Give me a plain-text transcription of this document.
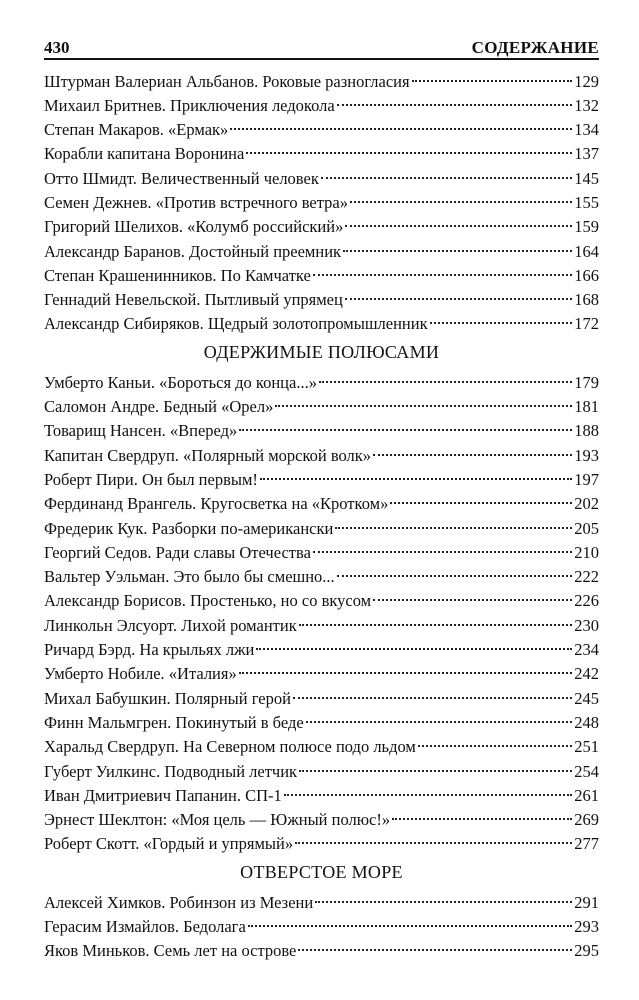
430	СОДЕРЖАНИЕ
Штурман Валериан Альбанов. Роковые разногласия	129
Михаил Бритнев. Приключения ледокола	132
Степан Макаров. «Ермак»	134
Корабли капитана Воронина	137
Отто Шмидт. Величественный человек	145
Семен Дежнев. «Против встречного ветра»	155
Григорий Шелихов. «Колумб российский»	159
Александр Баранов. Достойный преемник	164
Степан Крашенинников. По Камчатке	166
Геннадий Невельской. Пытливый упрямец	168
Александр Сибиряков. Щедрый золотопромышленник	172
ОДЕРЖИМЫЕ ПОЛЮСАМИ
Умберто Каньи. «Бороться до конца...»	179
Саломон Андре. Бедный «Орел»	181
Товарищ Нансен. «Вперед»	188
Капитан Свердруп. «Полярный морской волк»	193
Роберт Пири. Он был первым!	197
Фердинанд Врангель. Кругосветка на «Кротком»	202
Фредерик Кук. Разборки по-американски	205
Георгий Седов. Ради славы Отечества	210
Вальтер Уэльман. Это было бы смешно...	222
Александр Борисов. Простенько, но со вкусом	226
Линкольн Элсуорт. Лихой романтик	230
Ричард Бэрд. На крыльях лжи	234
Умберто Нобиле. «Италия»	242
Михал Бабушкин. Полярный герой	245
Финн Мальмгрен. Покинутый в беде	248
Харальд Свердруп. На Северном полюсе подо льдом	251
Губерт Уилкинс. Подводный летчик	254
Иван Дмитриевич Папанин. СП-1	261
Эрнест Шеклтон: «Моя цель — Южный полюс!»	269
Роберт Скотт. «Гордый и упрямый»	277
ОТВЕРСТОЕ МОРЕ
Алексей Химков. Робинзон из Мезени	291
Герасим Измайлов. Бедолага	293
Яков Миньков. Семь лет на острове	295
